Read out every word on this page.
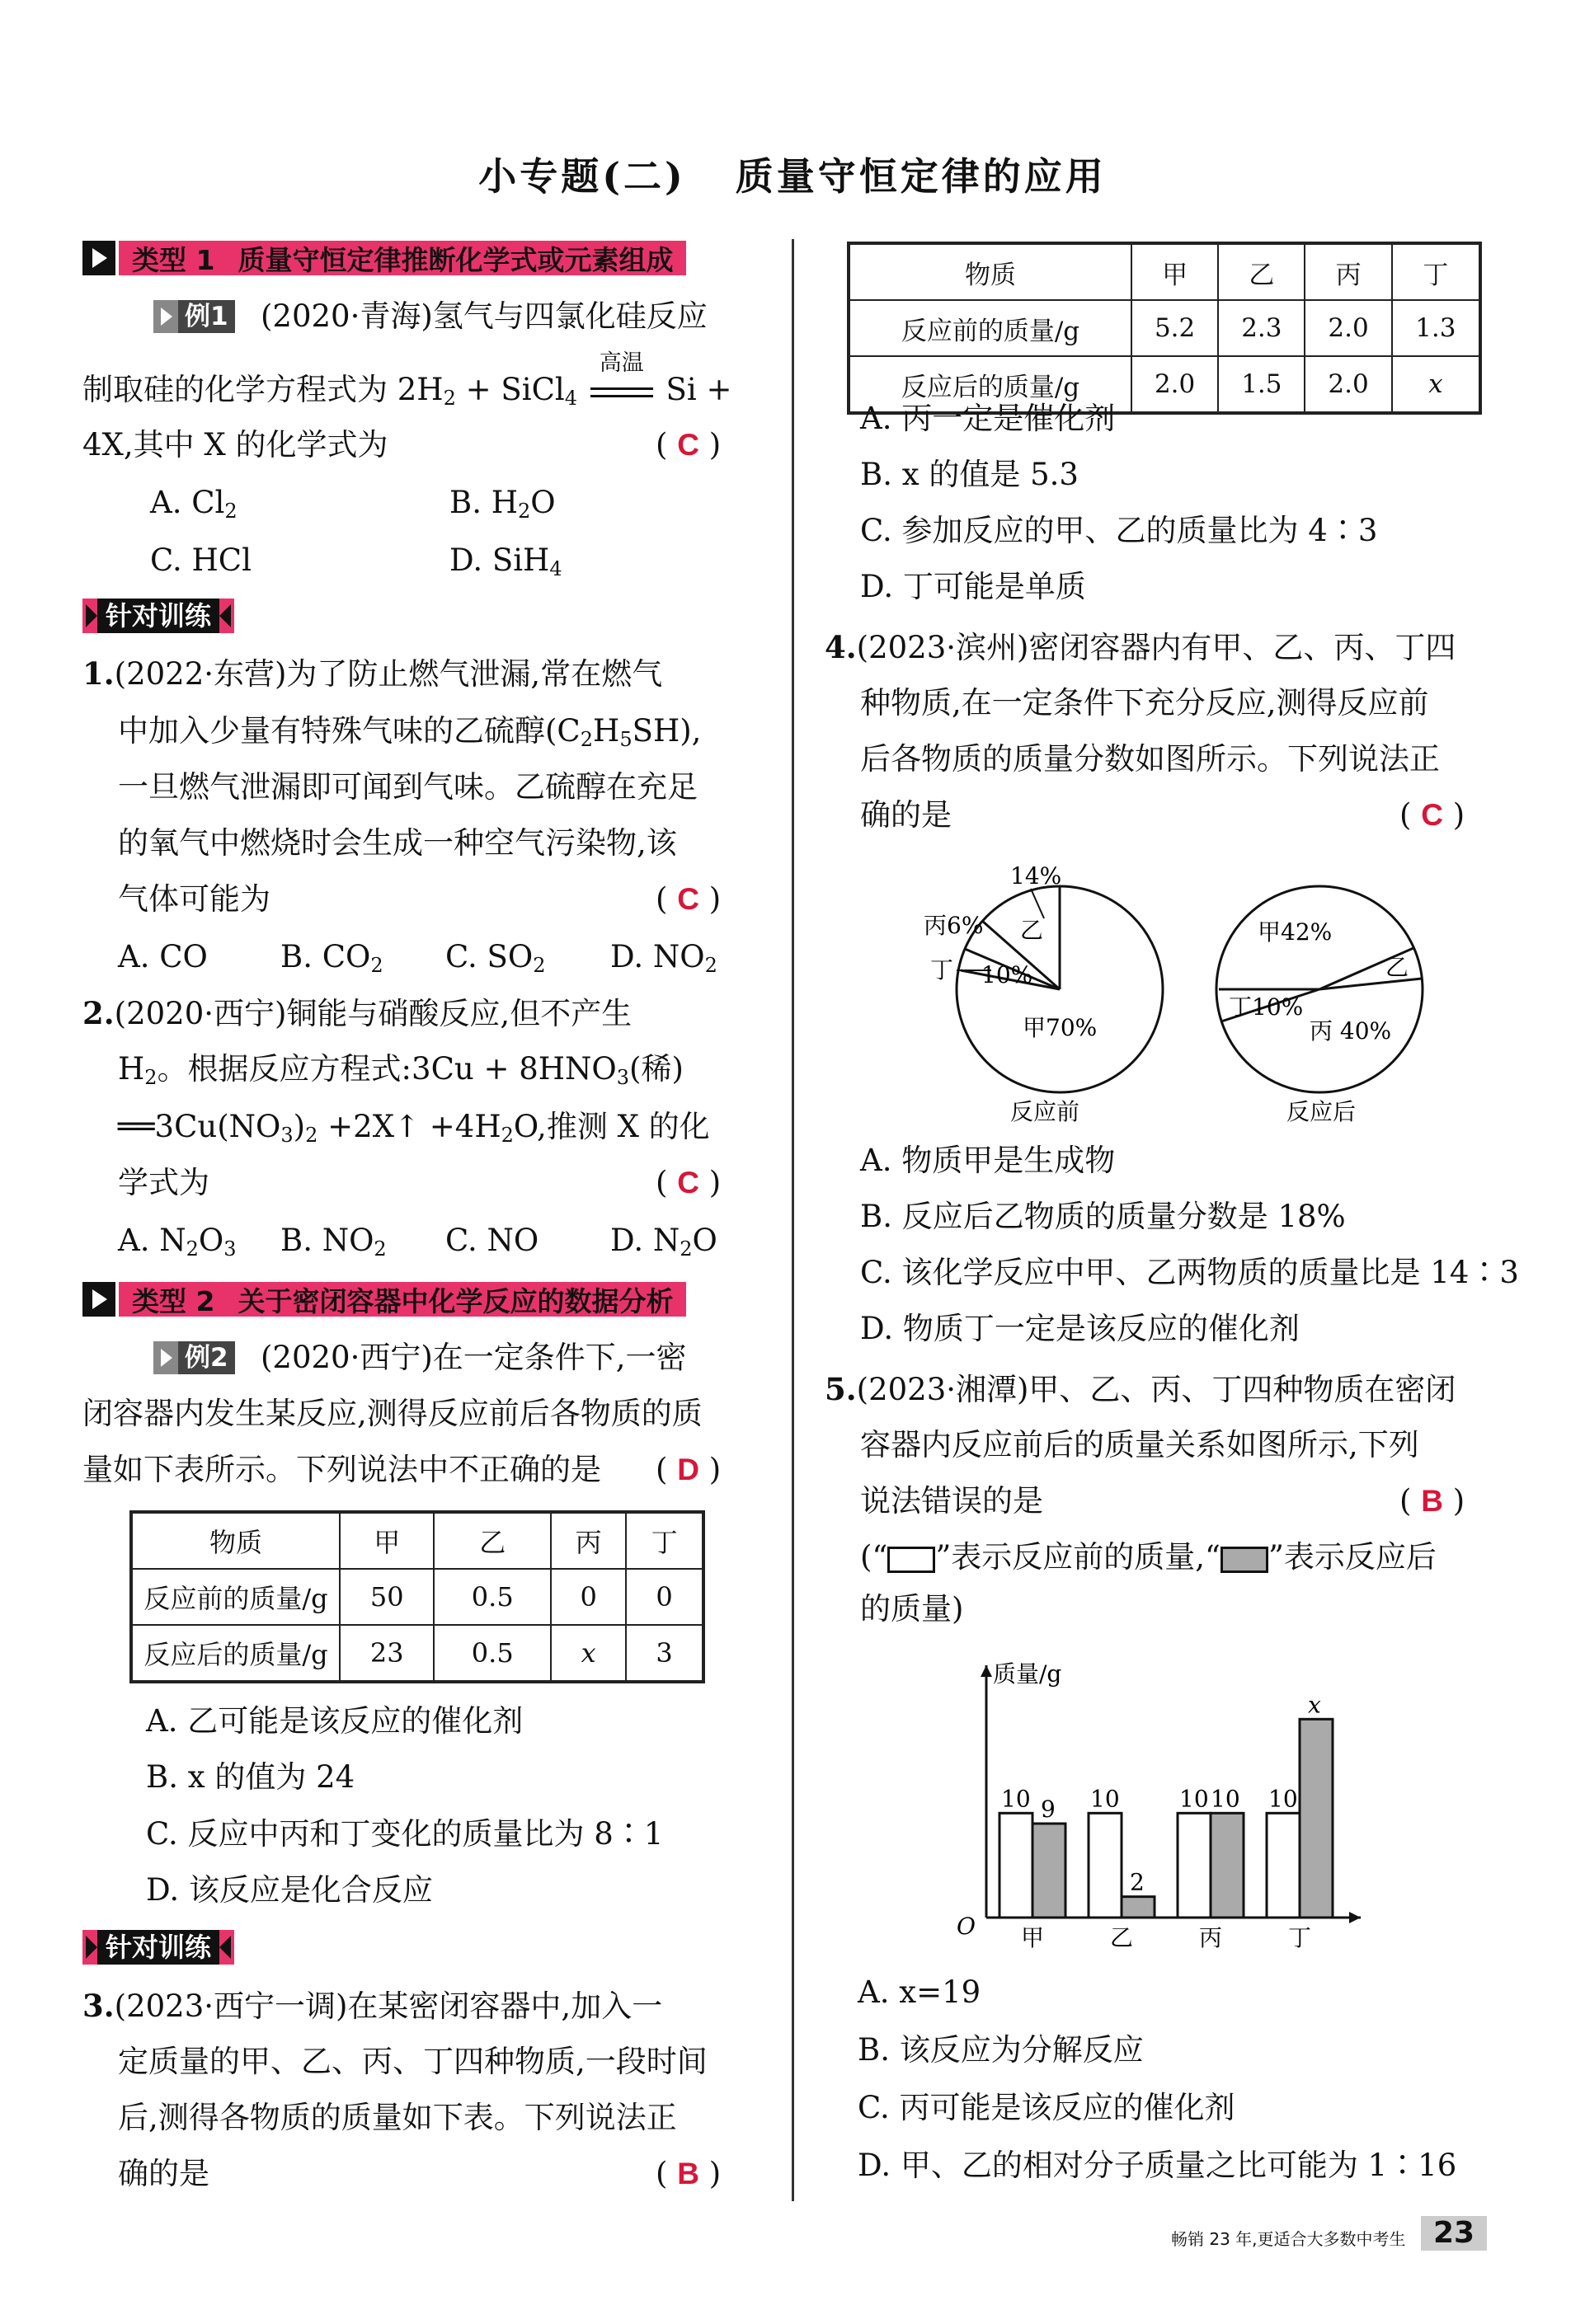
小专题(二)   质量守恒定律的应用
类型 1 质量守恒定律推断化学式或元素组成
例1 (2020·青海)氢气与四氯化硅反应
制取硅的化学方程式为 $2H_2$ + SiCl$_4$
高温
Si +
4X,其中 X 的化学式为	( C )
A. $Cl_2$	B. $H_2O$
C. HCl	D. SiH$_4$
针对训练
1.(2022·东营)为了防止燃气泄漏,常在燃气
中加入少量有特殊气味的乙硫醇$(C_2H_5SH)$,
一旦燃气泄漏即可闻到气味。乙硫醇在充足
的氧气中燃烧时会生成一种空气污染物,该
气体可能为	( C )
A. CO B. $CO_2$ C. $SO_2$ D. $NO_2$
2.(2020·西宁)铜能与硝酸反应,但不产生
$H_2$。根据反应方程式:3Cu + $8HNO_3$(稀)
$══3Cu(NO_3)_2$ +2X↑ $+4H_2O$,推测 X 的化
学式为	( C )
A. $N_2O_3$ B. $NO_2$ C. NO D. $N_2O$
类型 2 关于密闭容器中化学反应的数据分析
例2 (2020·西宁)在一定条件下,一密
闭容器内发生某反应,测得反应前后各物质的质
量如下表所示。下列说法中不正确的是 ( D )
物质	甲	乙	丙	丁
反应前的质量/g	50	0.5	0	0
反应后的质量/g	23	0.5	x	3
A. 乙可能是该反应的催化剂
B. x 的值为 24
C. 反应中丙和丁变化的质量比为 8∶1
D. 该反应是化合反应
针对训练
3.(2023·西宁一调)在某密闭容器中,加入一
定质量的甲、乙、丙、丁四种物质,一段时间
后,测得各物质的质量如下表。下列说法正
确的是	( B )
物质	甲	乙	丙	丁
反应前的质量/g	5.2	2.3	2.0	1.3
反应后的质量/g	2.0	1.5	2.0	x
A. 丙一定是催化剂
B. x 的值是 5.3
C. 参加反应的甲、乙的质量比为 4∶3
D. 丁可能是单质
4.(2023·滨州)密闭容器内有甲、乙、丙、丁四
种物质,在一定条件下充分反应,测得反应前
后各物质的质量分数如图所示。下列说法正
确的是	( C )
14%
丙6% 乙
丁 10%
甲70%
反应前
甲42%
乙
丁10%
丙 40%
反应后
A. 物质甲是生成物
B. 反应后乙物质的质量分数是 18%
C. 该化学反应中甲、乙两物质的质量比是 14∶3
D. 物质丁一定是该反应的催化剂
5.(2023·湘潭)甲、乙、丙、丁四种物质在密闭
容器内反应前后的质量关系如图所示,下列
说法错误的是	( B )
(“ ”表示反应前的质量,“ ”表示反应后
的质量)
质量/g
O
10 9
甲
10
2
乙
10 10
丙
10
x
丁
A. x=19
B. 该反应为分解反应
C. 丙可能是该反应的催化剂
D. 甲、乙的相对分子质量之比可能为 1∶16
畅销 23 年,更适合大多数中考生 23
